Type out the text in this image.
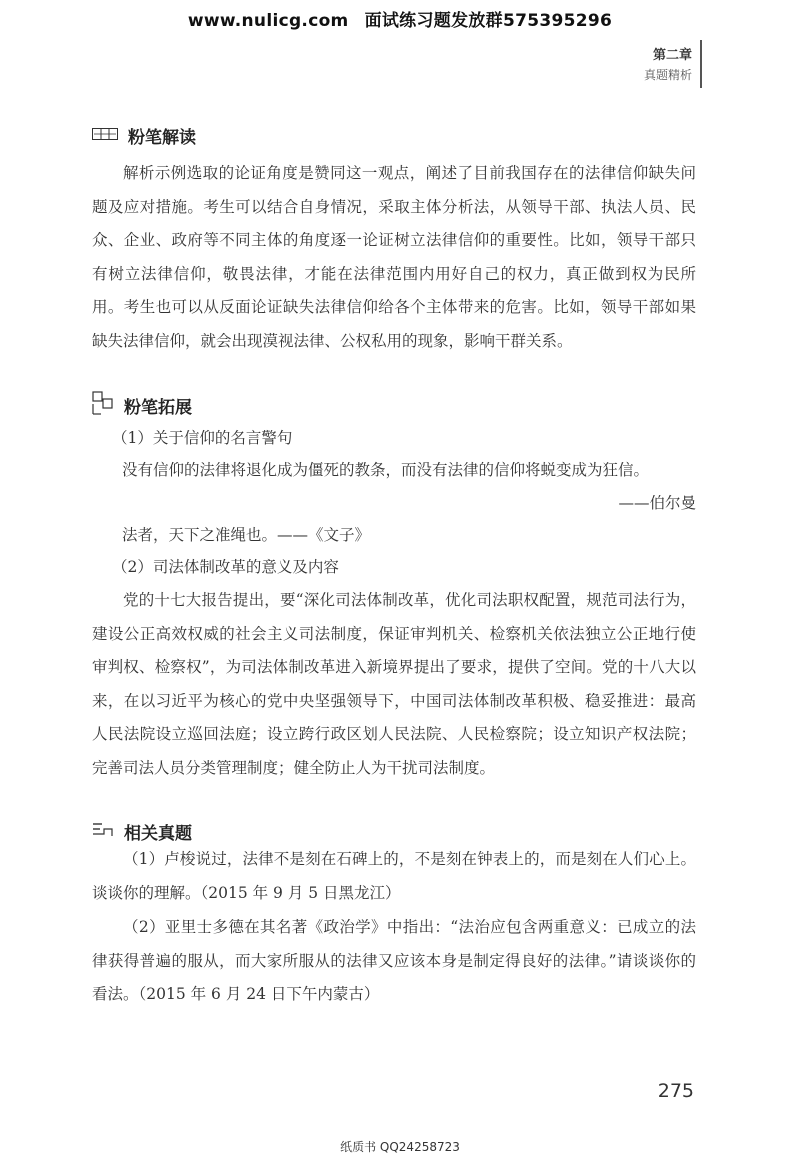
www.nulicg.com 面试练习题发放群575395296
第二章
真题精析
粉笔解读

解析示例选取的论证角度是赞同这一观点，阐述了目前我国存在的法律信仰缺失问题及应对措施。考生可以结合自身情况，采取主体分析法，从领导干部、执法人员、民众、企业、政府等不同主体的角度逐一论证树立法律信仰的重要性。比如，领导干部只有树立法律信仰，敬畏法律，才能在法律范围内用好自己的权力，真正做到权为民所用。考生也可以从反面论证缺失法律信仰给各个主体带来的危害。比如，领导干部如果缺失法律信仰，就会出现漠视法律、公权私用的现象，影响干群关系。

粉笔拓展

（1）关于信仰的名言警句

没有信仰的法律将退化成为僵死的教条，而没有法律的信仰将蜕变成为狂信。

——伯尔曼

法者，天下之准绳也。——《文子》

（2）司法体制改革的意义及内容

党的十七大报告提出，要“深化司法体制改革，优化司法职权配置，规范司法行为，建设公正高效权威的社会主义司法制度，保证审判机关、检察机关依法独立公正地行使审判权、检察权”，为司法体制改革进入新境界提出了要求，提供了空间。党的十八大以来，在以习近平为核心的党中央坚强领导下，中国司法体制改革积极、稳妥推进：最高人民法院设立巡回法庭；设立跨行政区划人民法院、人民检察院；设立知识产权法院；完善司法人员分类管理制度；健全防止人为干扰司法制度。

相关真题

（1）卢梭说过，法律不是刻在石碑上的，不是刻在钟表上的，而是刻在人们心上。谈谈你的理解。（2015 年 9 月 5 日黑龙江）

（2）亚里士多德在其名著《政治学》中指出：“法治应包含两重意义：已成立的法律获得普遍的服从，而大家所服从的法律又应该本身是制定得良好的法律。”请谈谈你的看法。（2015 年 6 月 24 日下午内蒙古）

275
纸质书 QQ24258723
